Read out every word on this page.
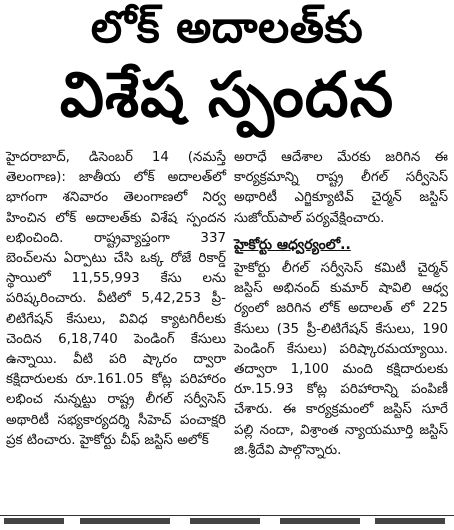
లోక్ అదాలత్‌కు
విశేష స్పందన

హైదరాబాద్, డిసెంబర్ 14 (నమస్తే తెలంగాణ): జాతీయ లోక్ అదాలత్‌లో భాగంగా శనివారం తెలంగాణలో నిర్వ హించిన లోక్ అదాలత్‌కు విశేష స్పందన లభించింది. రాష్ట్రవ్యాప్తంగా 337 బెంచ్‌లను ఏర్పాటు చేసి ఒక్క రోజే రికార్డ్ స్థాయిలో 11,55,993 కేసు లను పరిష్కరించారు. వీటిలో 5,42,253 ప్రీ-లిటిగేషన్ కేసులు, వివిధ క్యాటగిరీలకు చెందిన 6,18,740 పెండింగ్ కేసులు ఉన్నాయి. వీటి పరి ష్కారం ద్వారా కక్షిదారులకు రూ.161.05 కోట్ల పరిహారం లభించ నున్నట్టు రాష్ట్ర లీగల్ సర్వీసెస్ అథారిటీ సభ్యకార్యదర్శి సీహెచ్ పంచాక్షరి ప్రక టించారు. హైకోర్టు చీఫ్ జస్టిస్ అలోక్

అరాధే ఆదేశాల మేరకు జరిగిన ఈ కార్యక్రమాన్ని రాష్ట్ర లీగల్ సర్వీసెస్ అథారిటీ ఎగ్జిక్యూటివ్ చైర్మన్ జస్టిస్ సుజోయ్‌పాల్ పర్యవేక్షించారు.

హైకోర్టు ఆధ్వర్యంలో..

హైకోర్టు లీగల్ సర్వీసెస్ కమిటీ చైర్మన్ జస్టిస్ అభినంద్ కుమార్ షావిలి ఆధ్వ ర్యంలో జరిగిన లోక్ అదాలత్ లో 225 కేసులు (35 ప్రీ-లిటిగేషన్ కేసులు, 190 పెండింగ్ కేసులు) పరిష్కారమయ్యాయి. తద్వారా 1,100 మంది కక్షిదారులకు రూ.15.93 కోట్ల పరిహారాన్ని పంపిణీ చేశారు. ఈ కార్యక్రమంలో జస్టిస్ సూరే పల్లి నందా, విశ్రాంత న్యాయమూర్తి జస్టిస్ జి.శ్రీదేవి పాల్గొన్నారు.
